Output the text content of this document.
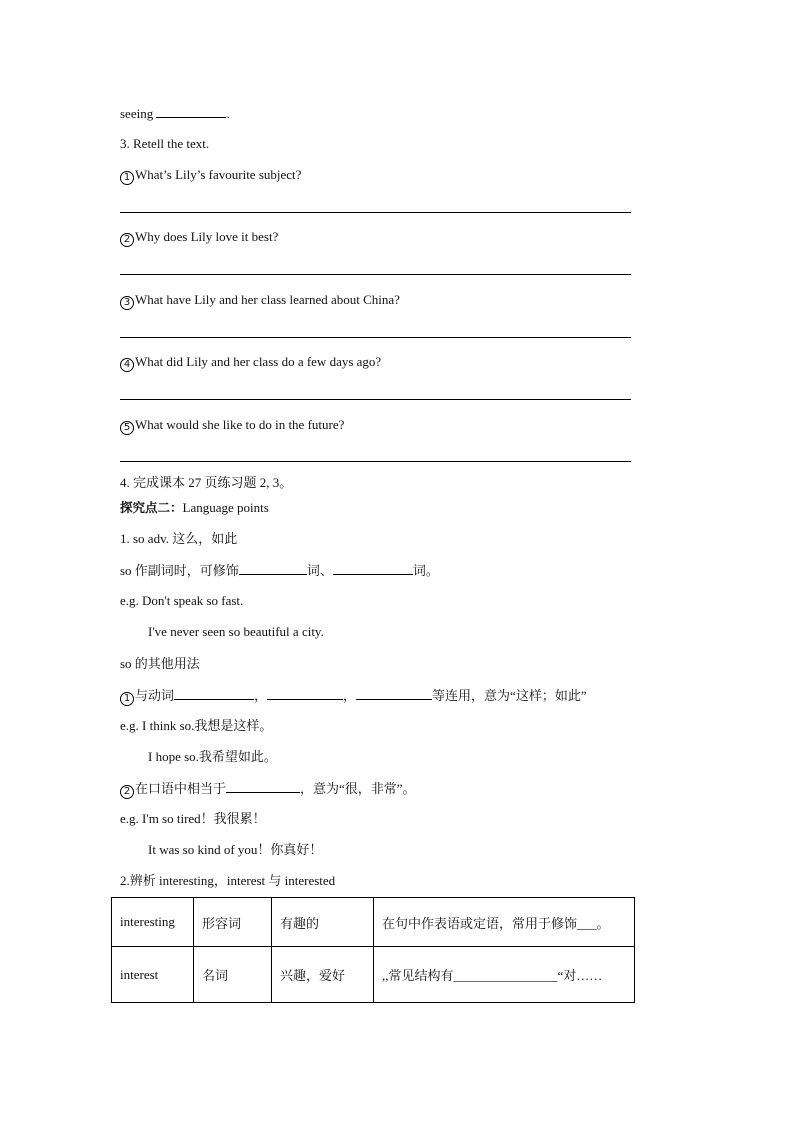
seeing	.
3. Retell the text.
1 What’s Lily’s favourite subject?
2 Why does Lily love it best?
3 What have Lily and her class learned about China?
4 What did Lily and her class do a few days ago?
5 What would she like to do in the future?
4. 完成课本 27 页练习题 2, 3。
探究点二：Language points
1. so adv. 这么，如此
so 作副词时，可修饰	词、	词。
e.g. Don't speak so fast.
I've never seen so beautiful a city.
so 的其他用法
1 与动词	，	，	等连用，意为“这样；如此”
e.g. I think so.我想是这样。
I hope so.我希望如此。
2 在口语中相当于	，意为“很，非常”。
e.g. I'm so tired！我很累！
It was so kind of you！你真好！
2.辨析 interesting，interest 与 interested
interesting	形容词	有趣的	在句中作表语或定语，常用于修饰___。
interest	名词	兴趣，爱好	,,常见结构有________________“对……
